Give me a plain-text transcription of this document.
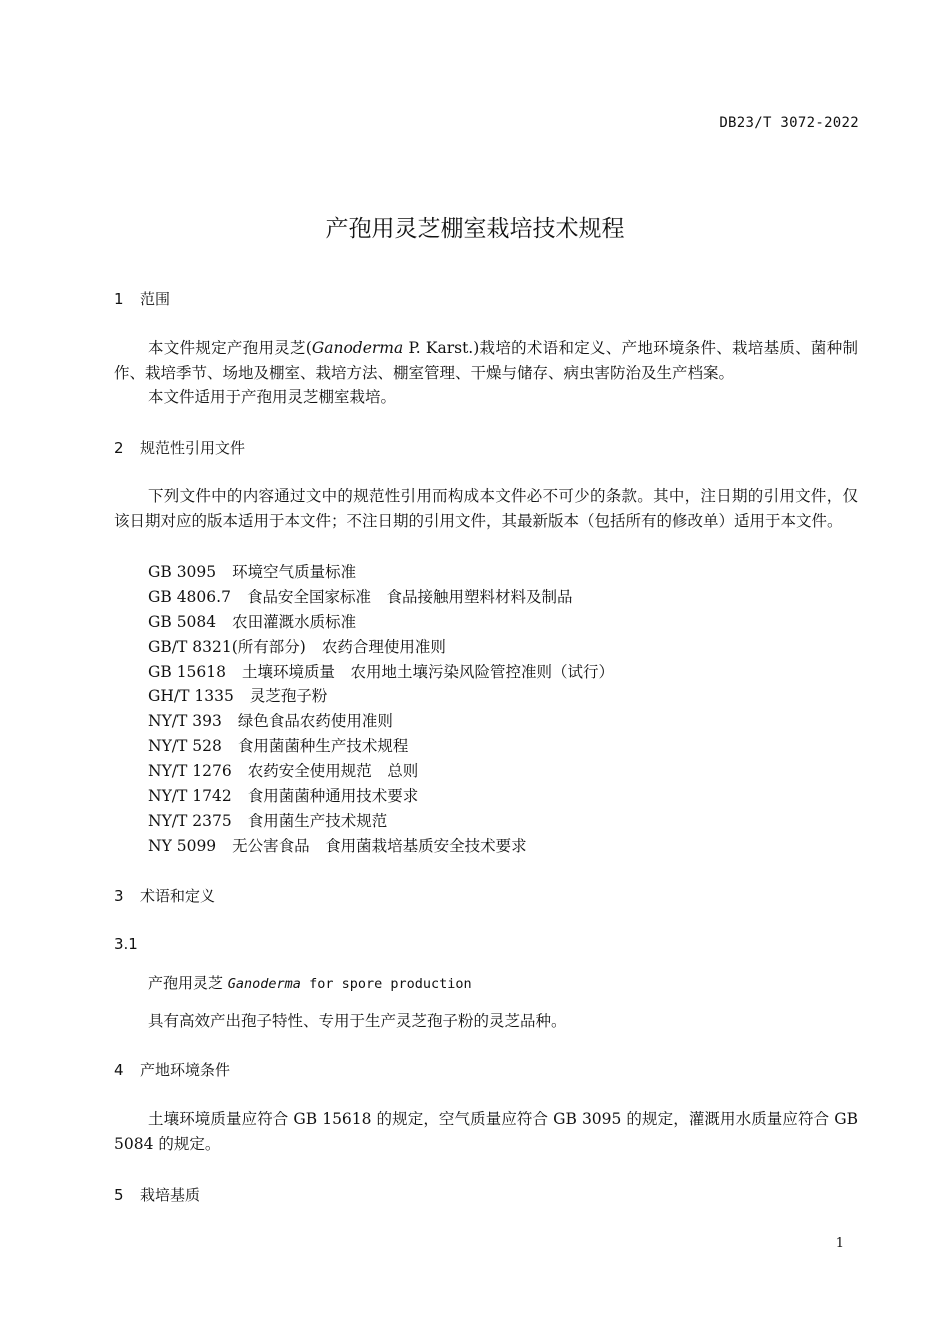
DB23/T 3072-2022
产孢用灵芝棚室栽培技术规程
1 范围
本文件规定产孢用灵芝(Ganoderma P. Karst.)栽培的术语和定义、产地环境条件、栽培基质、菌种制作、栽培季节、场地及棚室、栽培方法、棚室管理、干燥与储存、病虫害防治及生产档案。
本文件适用于产孢用灵芝棚室栽培。
2 规范性引用文件
下列文件中的内容通过文中的规范性引用而构成本文件必不可少的条款。其中，注日期的引用文件，仅该日期对应的版本适用于本文件；不注日期的引用文件，其最新版本（包括所有的修改单）适用于本文件。
GB 3095 环境空气质量标准
GB 4806.7 食品安全国家标准　食品接触用塑料材料及制品
GB 5084 农田灌溉水质标准
GB/T 8321(所有部分) 农药合理使用准则
GB 15618 土壤环境质量　农用地土壤污染风险管控准则（试行）
GH/T 1335 灵芝孢子粉
NY/T 393 绿色食品农药使用准则
NY/T 528 食用菌菌种生产技术规程
NY/T 1276 农药安全使用规范　总则
NY/T 1742 食用菌菌种通用技术要求
NY/T 2375 食用菌生产技术规范
NY 5099 无公害食品　食用菌栽培基质安全技术要求
3 术语和定义
3.1
产孢用灵芝 Ganoderma for spore production
具有高效产出孢子特性、专用于生产灵芝孢子粉的灵芝品种。
4 产地环境条件
土壤环境质量应符合 GB 15618 的规定，空气质量应符合 GB 3095 的规定，灌溉用水质量应符合 GB 5084 的规定。
5 栽培基质
1
